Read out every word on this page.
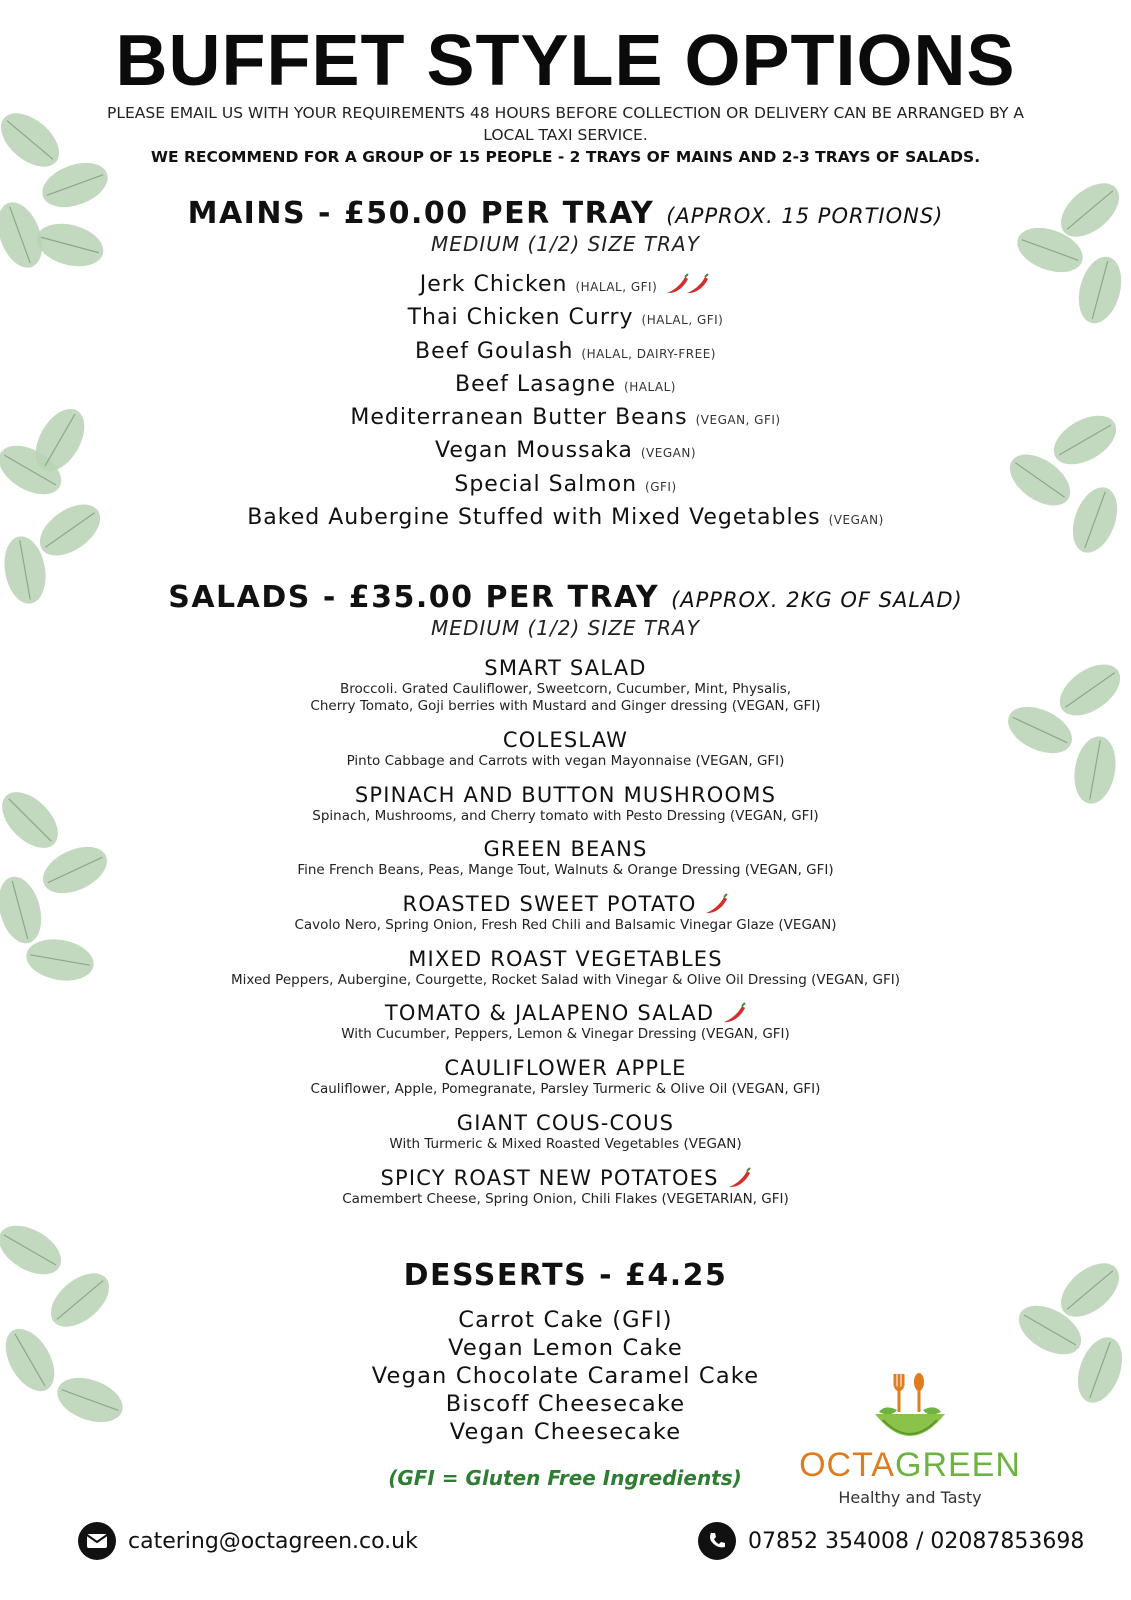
BUFFET STYLE OPTIONS
PLEASE EMAIL US WITH YOUR REQUIREMENTS 48 HOURS BEFORE COLLECTION OR DELIVERY CAN BE ARRANGED BY A LOCAL TAXI SERVICE.
WE RECOMMEND FOR A GROUP OF 15 PEOPLE - 2 TRAYS OF MAINS AND 2-3 TRAYS OF SALADS.
MAINS - £50.00 PER TRAY (APPROX. 15 PORTIONS)
MEDIUM (1/2) SIZE TRAY
Jerk Chicken (HALAL, GFI)
Thai Chicken Curry (HALAL, GFI)
Beef Goulash (HALAL, DAIRY-FREE)
Beef Lasagne (HALAL)
Mediterranean Butter Beans (VEGAN, GFI)
Vegan Moussaka (VEGAN)
Special Salmon (GFI)
Baked Aubergine Stuffed with Mixed Vegetables (VEGAN)
SALADS - £35.00 PER TRAY (APPROX. 2KG OF SALAD)
MEDIUM (1/2) SIZE TRAY
SMART SALAD
Broccoli. Grated Cauliflower, Sweetcorn, Cucumber, Mint, Physalis,
Cherry Tomato, Goji berries with Mustard and Ginger dressing (VEGAN, GFI)
COLESLAW
Pinto Cabbage and Carrots with vegan Mayonnaise (VEGAN, GFI)
SPINACH AND BUTTON MUSHROOMS
Spinach, Mushrooms, and Cherry tomato with Pesto Dressing (VEGAN, GFI)
GREEN BEANS
Fine French Beans, Peas, Mange Tout, Walnuts & Orange Dressing (VEGAN, GFI)
ROASTED SWEET POTATO
Cavolo Nero, Spring Onion, Fresh Red Chili and Balsamic Vinegar Glaze (VEGAN)
MIXED ROAST VEGETABLES
Mixed Peppers, Aubergine, Courgette, Rocket Salad with Vinegar & Olive Oil Dressing (VEGAN, GFI)
TOMATO & JALAPENO SALAD
With Cucumber, Peppers, Lemon & Vinegar Dressing (VEGAN, GFI)
CAULIFLOWER APPLE
Cauliflower, Apple, Pomegranate, Parsley Turmeric & Olive Oil (VEGAN, GFI)
GIANT COUS-COUS
With Turmeric & Mixed Roasted Vegetables (VEGAN)
SPICY ROAST NEW POTATOES
Camembert Cheese, Spring Onion, Chili Flakes (VEGETARIAN, GFI)
DESSERTS - £4.25
Carrot Cake (GFI)
Vegan Lemon Cake
Vegan Chocolate Caramel Cake
Biscoff Cheesecake
Vegan Cheesecake
(GFI = Gluten Free Ingredients)	OCTAGREEN
Healthy and Tasty
catering@octagreen.co.uk	07852 354008 / 02087853698
